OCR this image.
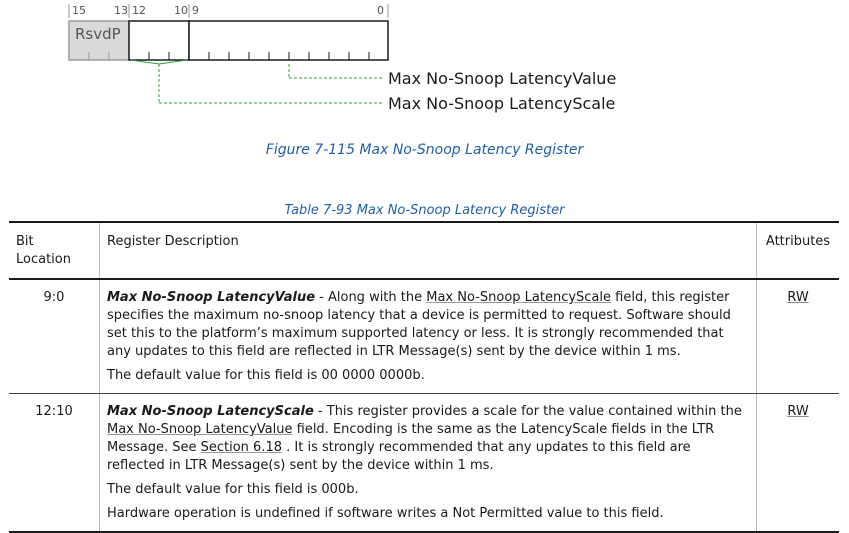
15	13 12	10 9	0
RsvdP
Max No-Snoop LatencyValue
Max No-Snoop LatencyScale
Figure 7-115 Max No-Snoop Latency Register
Table 7-93 Max No-Snoop Latency Register
Bit Location	Register Description	Attributes
9:0	Max No-Snoop LatencyValue - Along with the Max No-Snoop LatencyScale field, this register specifies the maximum no-snoop latency that a device is permitted to request. Software should set this to the platform’s maximum supported latency or less. It is strongly recommended that any updates to this field are reflected in LTR Message(s) sent by the device within 1 ms.

The default value for this field is 00 0000 0000b.	RW
12:10	Max No-Snoop LatencyScale - This register provides a scale for the value contained within the Max No-Snoop LatencyValue field. Encoding is the same as the LatencyScale fields in the LTR Message. See Section 6.18 . It is strongly recommended that any updates to this field are reflected in LTR Message(s) sent by the device within 1 ms.

The default value for this field is 000b.

Hardware operation is undefined if software writes a Not Permitted value to this field.	RW
